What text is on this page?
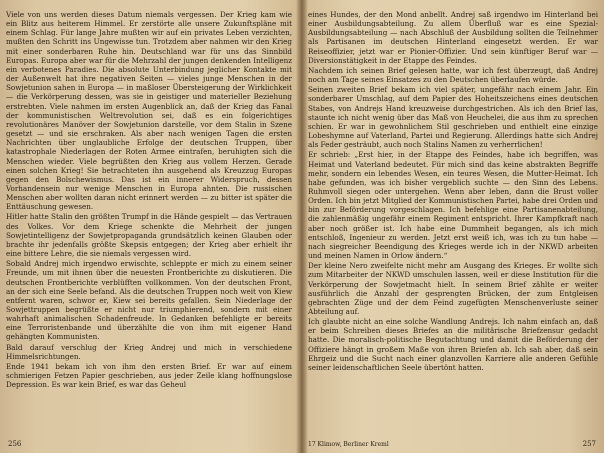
Viele von uns werden dieses Datum niemals vergessen. Der Krieg kam wie ein Blitz aus heiterem Himmel. Er zerstörte alle unsere Zukunftspläne mit einem Schlag. Für lange Jahre mußten wir auf ein privates Leben verzichten, mußten den Schritt ins Ungewisse tun. Trotzdem aber nahmen wir den Krieg mit einer sonderbaren Ruhe hin. Deutschland war für uns das Sinnbild Europas. Europa aber war für die Mehrzahl der jungen denkenden Intelligenz ein verbotenes Paradies. Die absolute Unterbindung jeglicher Kontakte mit der Außenwelt hat ihre negativen Seiten — vieles junge Menschen in der Sowjetunion sahen in Europa — in maßloser Übersteigerung der Wirklichkeit — die Verkörperung dessen, was sie in geistiger und materieller Beziehung erstrebten. Viele nahmen im ersten Augenblick an, daß der Krieg das Fanal der kommunistischen Weltrevolution sei, daß es ein folgerichtiges revolutionäres Manöver der Sowjetunion darstelle, vor dem Stalin in Szene gesetzt — und sie erschraken. Als aber nach wenigen Tagen die ersten Nachrichten über unglaubliche Erfolge der deutschen Truppen, über katastrophale Niederlagen der Roten Armee eintrafen, beruhigten sich die Menschen wieder. Viele begrüßten den Krieg aus vollem Herzen. Gerade einen solchen Krieg! Sie betrachteten ihn ausgehend als Kreuzzug Europas gegen den Bolschewismus. Das ist ein innerer Widerspruch, dessen Vorhandensein nur wenige Menschen in Europa ahnten. Die russischen Menschen aber wollten daran nicht erinnert werden — zu bitter ist später die Enttäuschung gewesen.

Hitler hatte Stalin den größten Trumpf in die Hände gespielt — das Vertrauen des Volkes. Vor dem Kriege schenkte die Mehrheit der jungen Sowjetintelligenz der Sowjetpropaganda grundsätzlich keinen Glauben oder brachte ihr jedenfalls größte Skepsis entgegen; der Krieg aber erhielt ihr eine bittere Lehre, die sie niemals vergessen wird.

Sobald Andrej mich irgendwo erwischte, schleppte er mich zu einem seiner Freunde, um mit ihnen über die neuesten Frontberichte zu diskutieren. Die deutschen Frontberichte verblüfften vollkommen. Von der deutschen Front, an der sich eine Seele befand. Als die deutschen Truppen noch weit von Kiew entfernt waren, schwor er, Kiew sei bereits gefallen. Sein Niederlage der Sowjettruppen begrüßte er nicht nur triumphierend, sondern mit einer wahrhaft animalischen Schadenfreude. In Gedanken befehligte er bereits eine Terroristenbande und überzählte die von ihm mit eigener Hand gehängten Kommunisten.

Bald darauf verschlug der Krieg Andrej und mich in verschiedene Himmelsrichtungen.

Ende 1941 bekam ich von ihm den ersten Brief. Er war auf einem schmierigen Fetzen Papier geschrieben, aus jeder Zeile klang hoffnungslose Depression. Es war kein Brief, es war das Geheul

256

eines Hundes, der den Mond anbellt. Andrej saß irgendwo im Hinterland bei einer Ausbildungsabteilung. Zu allem Überfluß war es eine Spezial-Ausbildungsabteilung — nach Abschluß der Ausbildung sollten die Teilnehmer als Partisanen im deutschen Hinterland eingesetzt werden. Er war Reiseoffizier, jetzt war er Pionier-Offizier. Und sein künftiger Beruf war — Diversionstätigkeit in der Etappe des Feindes.

Nachdem ich seinen Brief gelesen hatte, war ich fest überzeugt, daß Andrej noch am Tage seines Einsatzes zu den Deutschen überlaufen würde.

Seinen zweiten Brief bekam ich viel später, ungefähr nach einem Jahr. Ein sonderbarer Umschlag, auf dem Papier des Hoheitszeichens eines deutschen Stabes, von Andrejs Hand kreuzweise durchgestrichen. Als ich den Brief las, staunte ich nicht wenig über das Maß von Heuchelei, die aus ihm zu sprechen schien. Er war in gewohnlichem Stil geschrieben und enthielt eine einzige Lobeshymne auf Vaterland, Partei und Regierung. Allerdings hatte sich Andrej als Feder gesträubt, auch noch Stalins Namen zu verherrlichen!

Er schrieb: „Erst hier, in der Etappe des Feindes, habe ich begriffen, was Heimat und Vaterland bedeutet. Für mich sind das keine abstrakten Begriffe mehr, sondern ein lebendes Wesen, ein teures Wesen, die Mutter-Heimat. Ich habe gefunden, was ich bisher vergeblich suchte — den Sinn des Lebens. Ruhmvoll siegen oder untergehen. Wenn aber leben, dann die Brust voller Orden. Ich bin jetzt Mitglied der Kommunistischen Partei, habe drei Orden und bin zur Beförderung vorgeschlagen. Ich befehlige eine Partisanenabteilung, die zahlenmäßig ungefähr einem Regiment entspricht. Ihrer Kampfkraft nach aber noch größer ist. Ich habe eine Dummheit begangen, als ich mich entschloß, Ingenieur zu werden. Jetzt erst weiß ich, was ich zu tun habe — nach siegreicher Beendigung des Krieges werde ich in der NKWD arbeiten und meinen Namen in Orlow ändern.“

Der kleine Nero zweifelte nicht mehr am Ausgang des Krieges. Er wollte sich zum Mitarbeiter der NKWD umschulen lassen, weil er diese Institution für die Verkörperung der Sowjetmacht hielt. In seinem Brief zählte er weiter ausführlich die Anzahl der gesprengten Brücken, der zum Entgleisen gebrachten Züge und der dem Feind zugefügten Menschenverluste seiner Abteilung auf.

Ich glaubte nicht an eine solche Wandlung Andrejs. Ich nahm einfach an, daß er beim Schreiben dieses Briefes an die militärische Briefzensur gedacht hatte. Die moralisch-politische Begutachtung und damit die Beförderung der Offiziere hängt in großem Maße von ihren Briefen ab. Ich sah aber, daß sein Ehrgeiz und die Sucht nach einer glanzvollen Karriere alle anderen Gefühle seiner leidenschaftlichen Seele übertönt hatten.

17 Klimow, Berliner Kreml	257
